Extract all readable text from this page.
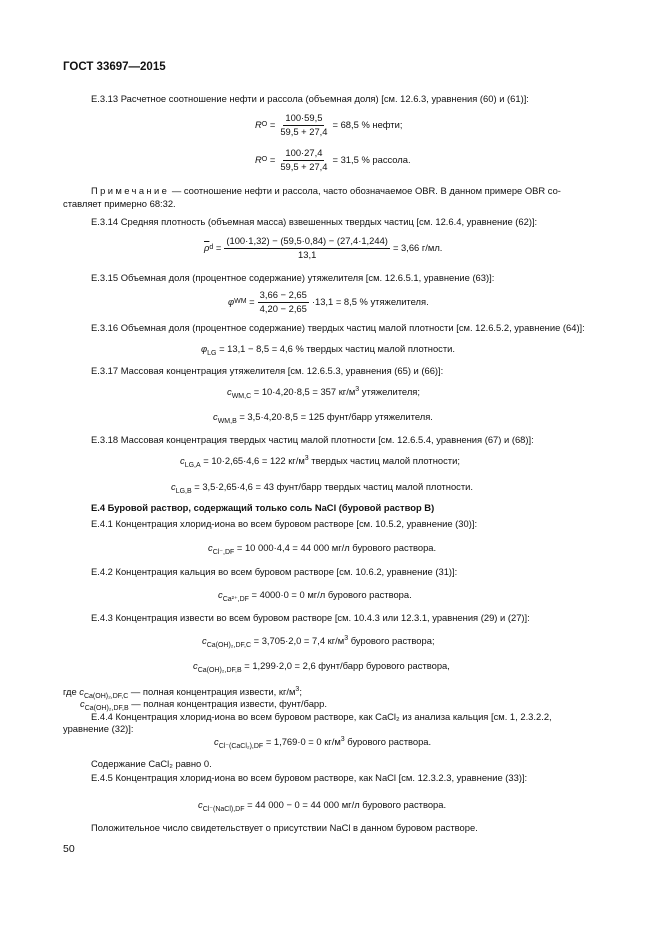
ГОСТ 33697—2015
Е.3.13 Расчетное соотношение нефти и рассола (объемная доля) [см. 12.6.3, уравнения (60) и (61)]:
R $O = \frac{100\cdot 59,5}{59,5 + 27,4} = 68,5$ % нефти;
R $O = \frac{100\cdot 27,4}{59,5 + 27,4} = 31,5$ % рассола.
Примечание — соотношение нефти и рассола, часто обозначаемое OBR. В данном примере OBR со-
ставляет примерно 68:32.
Е.3.14 Средняя плотность (объемная масса) взвешенных твердых частиц [см. 12.6.4, уравнение (62)]:
$\overline{\rho}$ $d = \frac{(100\cdot 1,32) - (59,5\cdot 0,84) - (27,4\cdot 1,244)}{13,1} = 3,66$ г/мл.
Е.3.15 Объемная доля (процентное содержание) утяжелителя [см. 12.6.5.1, уравнение (63)]:
φ WM = $\frac{3,66 - 2,65}{4,20 - 2,65} \cdot 13,1 = 8,5$ % утяжелителя.
Е.3.16 Объемная доля (процентное содержание) твердых частиц малой плотности [см. 12.6.5.2, уравнение (64)]:
$\varphi_{LG} = 13,1 - 8,5 = 4,6$ % твердых частиц малой плотности.
Е.3.17 Массовая концентрация утяжелителя [см. 12.6.5.3, уравнения (65) и (66)]:
$c_{WM,C} = 10\cdot 4,20\cdot 8,5 = 357$ $кг/м^3$ утяжелителя;
$c_{WM,B} = 3,5\cdot 4,20\cdot 8,5 = 125$ фунт/барр утяжелителя.
Е.3.18 Массовая концентрация твердых частиц малой плотности [см. 12.6.5.4, уравнения (67) и (68)]:
$c_{LG,A} = 10\cdot 2,65\cdot 4,6 = 122$ $кг/м^3$ твердых частиц малой плотности;
$c_{LG,B} = 3,5\cdot 2,65\cdot 4,6 = 43$ фунт/барр твердых частиц малой плотности.
Е.4 Буровой раствор, содержащий только соль NaCl (буровой раствор B)
Е.4.1 Концентрация хлорид-иона во всем буровом растворе [см. 10.5.2, уравнение (30)]:
$c_{Cl^-,DF} = 10$ 000·4,4 = 44 000 мг/л бурового раствора.
Е.4.2 Концентрация кальция во всем буровом растворе [см. 10.6.2, уравнение (31)]:
$c_{Ca^{2+},DF} = 4000\cdot 0 = 0$ мг/л бурового раствора.
Е.4.3 Концентрация извести во всем буровом растворе [см. 10.4.3 или 12.3.1, уравнения (29) и (27)]:
$c_{Ca(OH)_2,DF,C} = 3,705\cdot 2,0 = 7,4$ $кг/м^3$ бурового раствора;
$c_{Ca(OH)_2,DF,B} = 1,299\cdot 2,0 = 2,6$ фунт/барр бурового раствора,
где $c_{Ca(OH)_2,DF,C}$ — полная концентрация извести, $кг/м^3$;
$c_{Ca(OH)_2,DF,B}$ — полная концентрация извести, фунт/барр.
Е.4.4 Концентрация хлорид-иона во всем буровом растворе, как CaCl₂ из анализа кальция [см. 1, 2.3.2.2,
уравнение (32)]:
$c_{Cl^-(CaCl_2),DF} = 1,769\cdot 0 = 0$ $кг/м^3$ бурового раствора.
Содержание CaCl₂ равно 0.
Е.4.5 Концентрация хлорид-иона во всем буровом растворе, как NaCl [см. 12.3.2.3, уравнение (33)]:
$c_{Cl^-(NaCl),DF} = 44$ 000 − 0 = 44 000 мг/л бурового раствора.
Положительное число свидетельствует о присутствии NaCl в данном буровом растворе.
50
